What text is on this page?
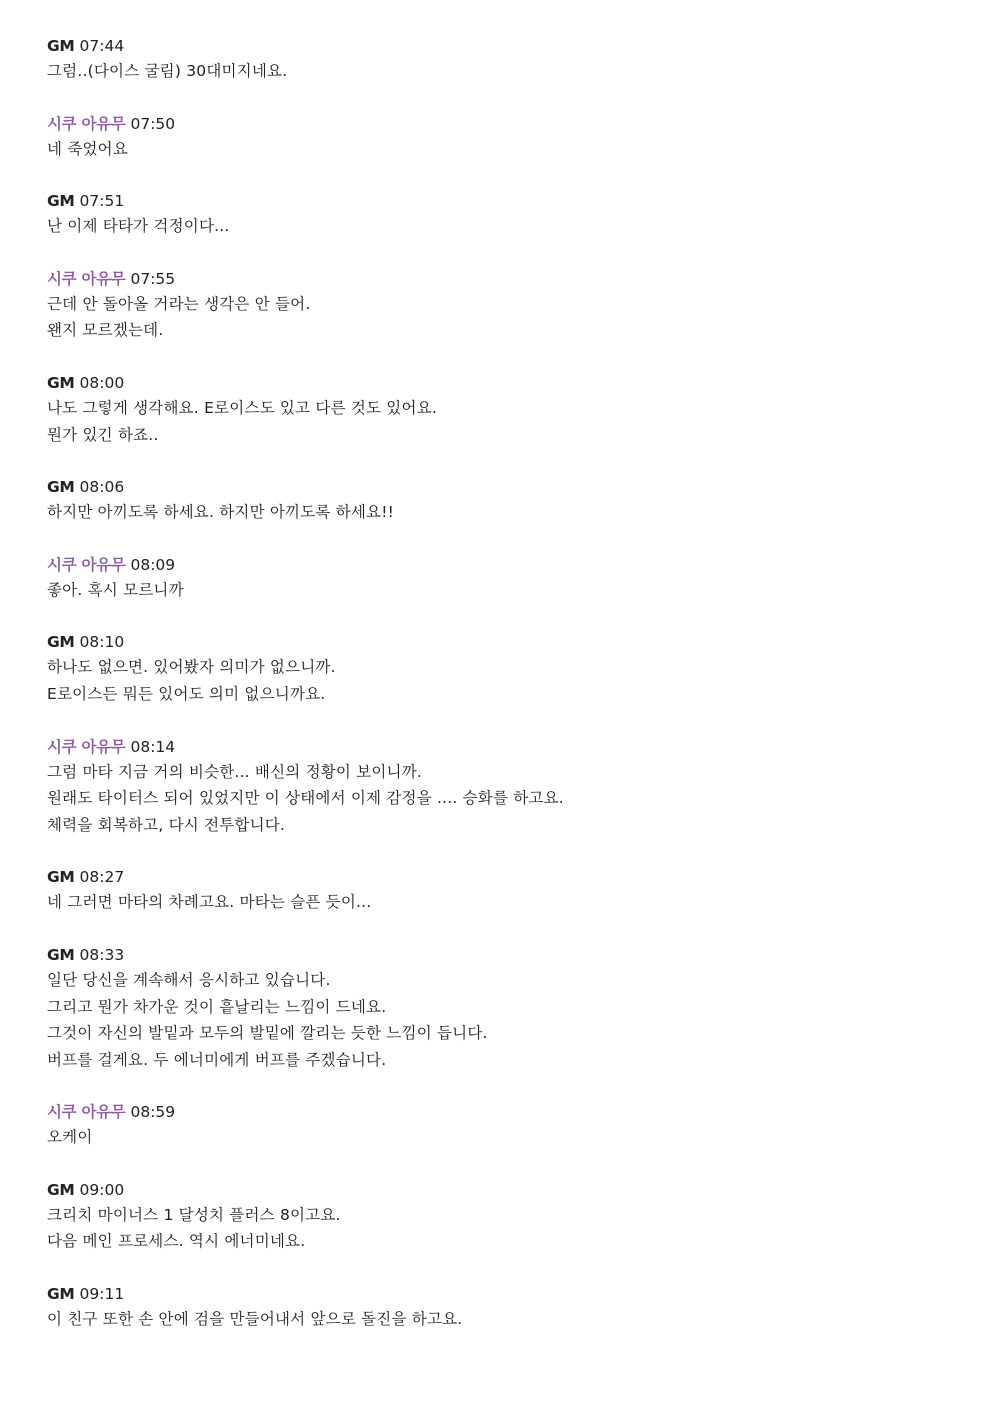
GM 07:44
그럼..(다이스 굴림) 30대미지네요.
시쿠 아유무 07:50
네 죽었어요
GM 07:51
난 이제 타타가 걱정이다...
시쿠 아유무 07:55
근데 안 돌아올 거라는 생각은 안 들어.
왠지 모르겠는데.
GM 08:00
나도 그렇게 생각해요. E로이스도 있고 다른 것도 있어요.
뭔가 있긴 하죠..
GM 08:06
하지만 아끼도록 하세요. 하지만 아끼도록 하세요!!
시쿠 아유무 08:09
좋아. 혹시 모르니까
GM 08:10
하나도 없으면. 있어봤자 의미가 없으니까.
E로이스든 뭐든 있어도 의미 없으니까요.
시쿠 아유무 08:14
그럼 마타 지금 거의 비슷한... 배신의 정황이 보이니까.
원래도 타이터스 되어 있었지만 이 상태에서 이제 감정을 .... 승화를 하고요.
체력을 회복하고, 다시 전투합니다.
GM 08:27
네 그러면 마타의 차례고요. 마타는 슬픈 듯이...
GM 08:33
일단 당신을 계속해서 응시하고 있습니다.
그리고 뭔가 차가운 것이 흩날리는 느낌이 드네요.
그것이 자신의 발밑과 모두의 발밑에 깔리는 듯한 느낌이 듭니다.
버프를 걸게요. 두 에너미에게 버프를 주겠습니다.
시쿠 아유무 08:59
오케이
GM 09:00
크리치 마이너스 1 달성치 플러스 8이고요.
다음 메인 프로세스. 역시 에너미네요.
GM 09:11
이 친구 또한 손 안에 검을 만들어내서 앞으로 돌진을 하고요.
